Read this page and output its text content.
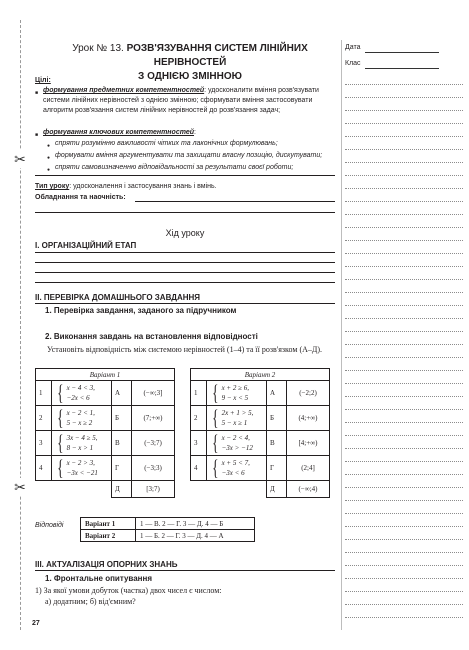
✂
✂
Дата
Клас
Урок № 13. РОЗВ'ЯЗУВАННЯ СИСТЕМ ЛІНІЙНИХ НЕРІВНОСТЕЙ
З ОДНІЄЮ ЗМІННОЮ
Цілі:
формування предметних компетентностей: удосконалити вміння розв'язувати системи лінійних нерівностей з однією змінною; сформувати вміння застосовувати алгоритм розв'язання систем лінійних нерівностей до розв'язання задач;
формування ключових компетентностей:
спряти розумінню важливості чітких та лаконічних формулювань;
формувати вміння аргументувати та захищати власну позицію, дискутувати;
спряти самовизначенню відповідальності за результати своєї роботи;
Тип уроку: удосконалення і застосування знань і вмінь.
Обладнання та наочність:
Хід уроку
І. ОРГАНІЗАЦІЙНИЙ ЕТАП
ІІ. ПЕРЕВІРКА ДОМАШНЬОГО ЗАВДАННЯ
1. Перевірка завдання, заданого за підручником
2. Виконання завдань на встановлення відповідності
Установіть відповідність між системою нерівностей (1–4) та її розв'язком (А–Д).
Варіант 1			
1	{ x − 4 < 3,
−2x < 6	А	(−∞;3]
2	{ x − 2 < 1,
5 − x ≥ 2	Б	(7;+∞)
3	{ 3x − 4 ≥ 5,
8 − x > 1	В	(−3;7)
4	{ x − 2 > 3,
−3x < −21	Г	(−3;3)
		Д	[3;7)
Варіант 2			
1	{ x + 2 ≥ 6,
9 − x < 5	А	(−2;2)
2	{ 2x + 1 > 5,
5 − x ≥ 1	Б	(4;+∞)
3	{ x − 2 < 4,
−3x > −12	В	[4;+∞)
4	{ x + 5 < 7,
−3x < 6	Г	(2;4]
		Д	(−∞;4)
Відповіді	Варіант 1	1 — В. 2 — Г. 3 — Д. 4 — Б
Варіант 2	1 — Б. 2 — Г. 3 — Д. 4 — А
ІІІ. АКТУАЛІЗАЦІЯ ОПОРНИХ ЗНАНЬ
1. Фронтальне опитування
1) За якої умови добуток (частка) двох чисел є числом:
а) додатним; б) від'ємним?
27
